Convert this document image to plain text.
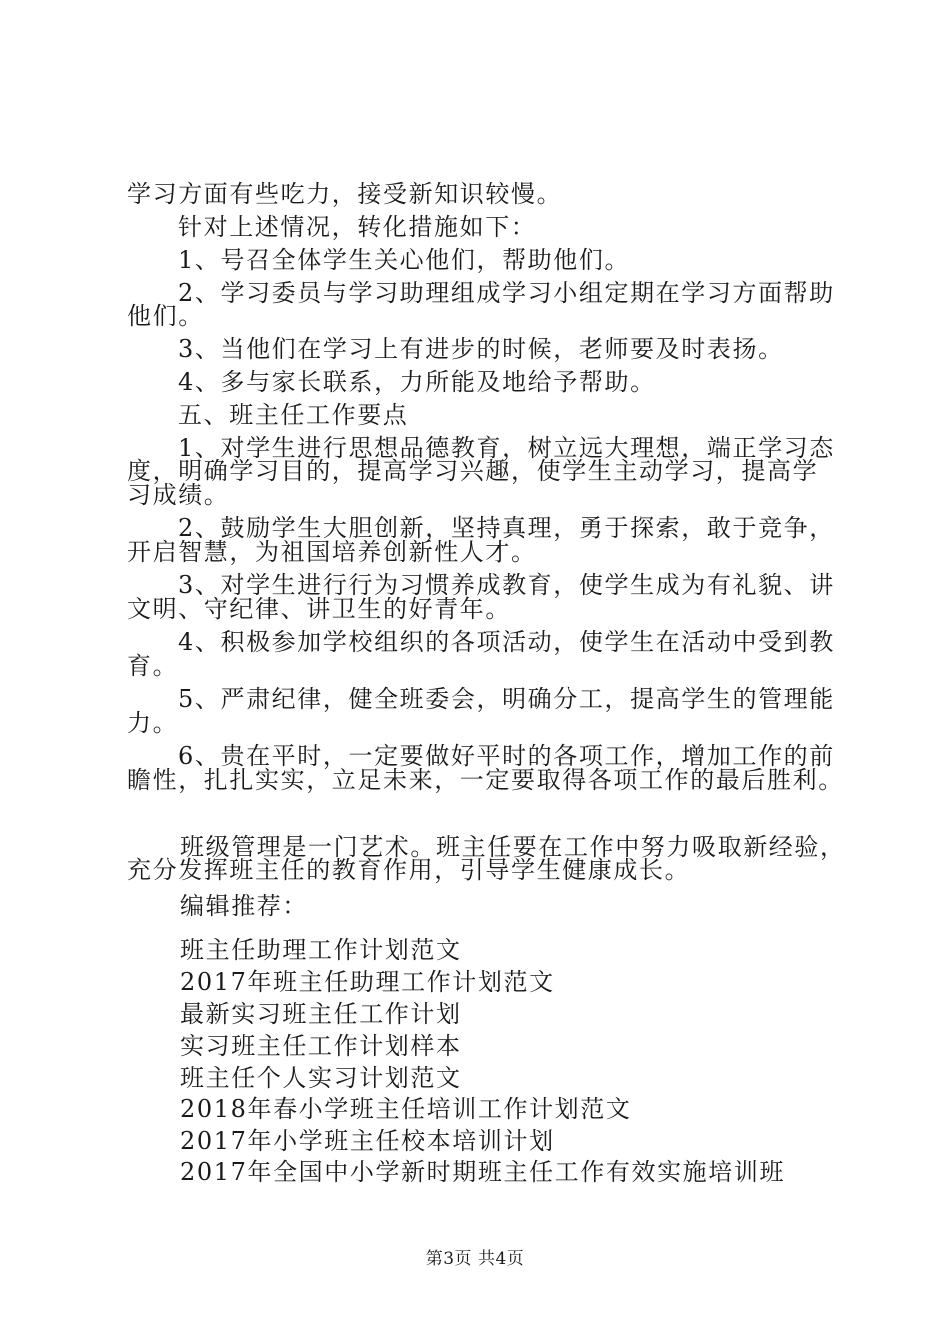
学习方面有些吃力，接受新知识较慢。

针对上述情况，转化措施如下：

1、号召全体学生关心他们，帮助他们。

2、学习委员与学习助理组成学习小组定期在学习方面帮助

他们。

3、当他们在学习上有进步的时候，老师要及时表扬。

4、多与家长联系，力所能及地给予帮助。

五、班主任工作要点

1、对学生进行思想品德教育，树立远大理想，端正学习态

度，明确学习目的，提高学习兴趣，使学生主动学习，提高学

习成绩。

2、鼓励学生大胆创新，坚持真理，勇于探索，敢于竞争，

开启智慧，为祖国培养创新性人才。

3、对学生进行行为习惯养成教育，使学生成为有礼貌、讲

文明、守纪律、讲卫生的好青年。

4、积极参加学校组织的各项活动，使学生在活动中受到教

育。

5、严肃纪律，健全班委会，明确分工，提高学生的管理能

力。

6、贵在平时，一定要做好平时的各项工作，增加工作的前

瞻性，扎扎实实，立足未来，一定要取得各项工作的最后胜利。

班级管理是一门艺术。班主任要在工作中努力吸取新经验，

充分发挥班主任的教育作用，引导学生健康成长。

编辑推荐：

班主任助理工作计划范文

2017年班主任助理工作计划范文

最新实习班主任工作计划

实习班主任工作计划样本

班主任个人实习计划范文

2018年春小学班主任培训工作计划范文

2017年小学班主任校本培训计划

2017年全国中小学新时期班主任工作有效实施培训班

第3页 共4页
